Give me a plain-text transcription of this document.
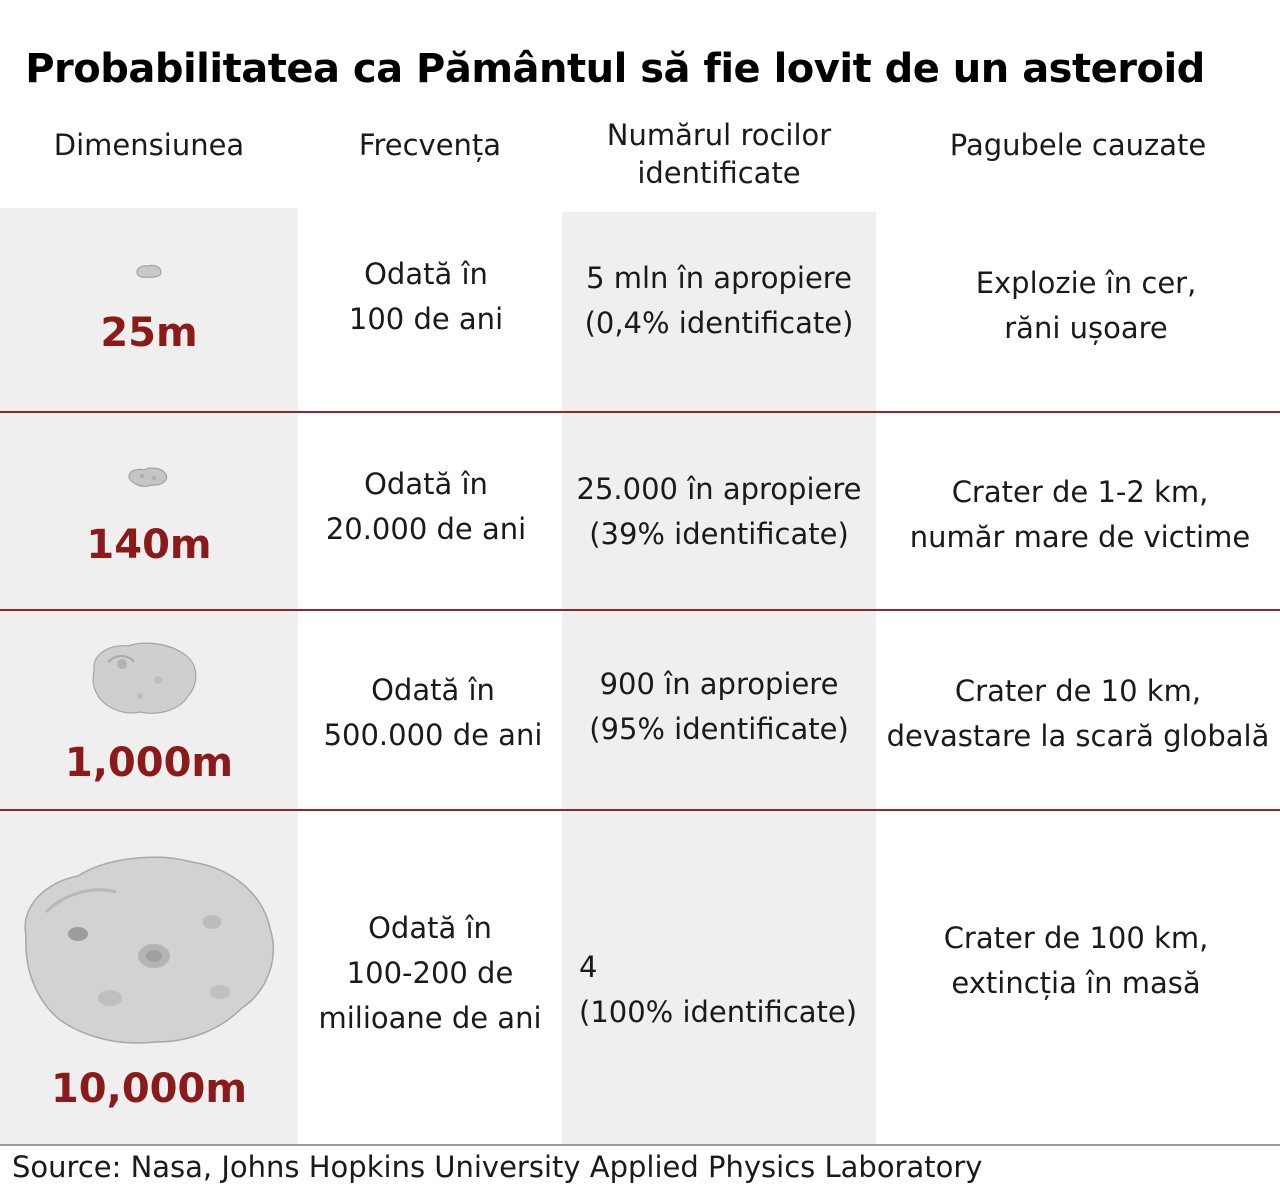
Probabilitatea ca Pământul să fie lovit de un asteroid
Dimensiunea	Frecvența	Numărul rocilor
identificate
Pagubele cauzate
25m
Odată în
100 de ani
5 mln în apropiere
(0,4% identificate)
Explozie în cer,
răni ușoare
140m
Odată în
20.000 de ani
25.000 în apropiere
(39% identificate)
Crater de 1-2 km,
număr mare de victime
1,000m
Odată în
500.000 de ani
900 în apropiere
(95% identificate)
Crater de 10 km,
devastare la scară globală
10,000m
Odată în
100-200 de
milioane de ani
4
(100% identificate)
Crater de 100 km,
extincția în masă
Source: Nasa, Johns Hopkins University Applied Physics Laboratory
